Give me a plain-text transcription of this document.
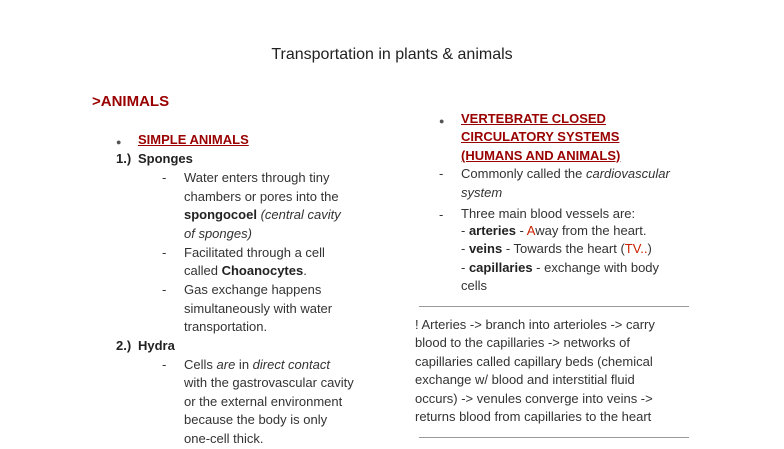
Transportation in plants & animals
>ANIMALS
● SIMPLE ANIMALS
1.) Sponges
- Water enters through tiny
chambers or pores into the
spongocoel (central cavity
of sponges)
- Facilitated through a cell
called Choanocytes.
- Gas exchange happens
simultaneously with water
transportation.
2.) Hydra
- Cells are in direct contact
with the gastrovascular cavity
or the external environment
because the body is only
one-cell thick.
● VERTEBRATE CLOSED
CIRCULATORY SYSTEMS
(HUMANS AND ANIMALS)
- Commonly called the cardiovascular
system
- Three main blood vessels are:
- arteries - Away from the heart.
- veins - Towards the heart (TV..)
- capillaries - exchange with body
cells
! Arteries -> branch into arterioles -> carry
blood to the capillaries -> networks of
capillaries called capillary beds (chemical
exchange w/ blood and interstitial fluid
occurs) -> venules converge into veins ->
returns blood from capillaries to the heart
